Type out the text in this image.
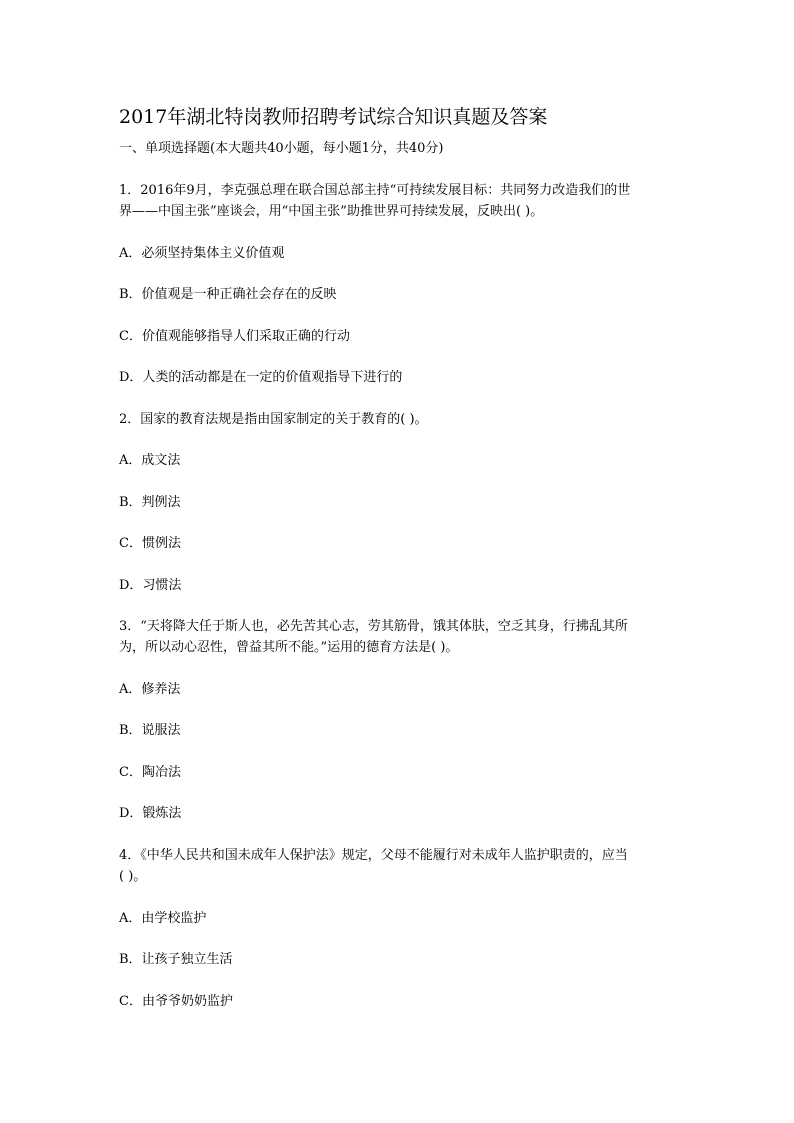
2017年湖北特岗教师招聘考试综合知识真题及答案
一、单项选择题(本大题共40小题，每小题1分，共40分)
1．2016年9月，李克强总理在联合国总部主持“可持续发展目标：共同努力改造我们的世
界——中国主张”座谈会，用“中国主张”助推世界可持续发展，反映出( )。
A．必须坚持集体主义价值观
B．价值观是一种正确社会存在的反映
C．价值观能够指导人们采取正确的行动
D．人类的活动都是在一定的价值观指导下进行的
2．国家的教育法规是指由国家制定的关于教育的( )。
A．成文法
B．判例法
C．惯例法
D．习惯法
3．“天将降大任于斯人也，必先苦其心志，劳其筋骨，饿其体肤，空乏其身，行拂乱其所
为，所以动心忍性，曾益其所不能。”运用的德育方法是( )。
A．修养法
B．说服法
C．陶冶法
D．锻炼法
4．《中华人民共和国未成年人保护法》规定，父母不能履行对未成年人监护职责的，应当
( )。
A．由学校监护
B．让孩子独立生活
C．由爷爷奶奶监护
